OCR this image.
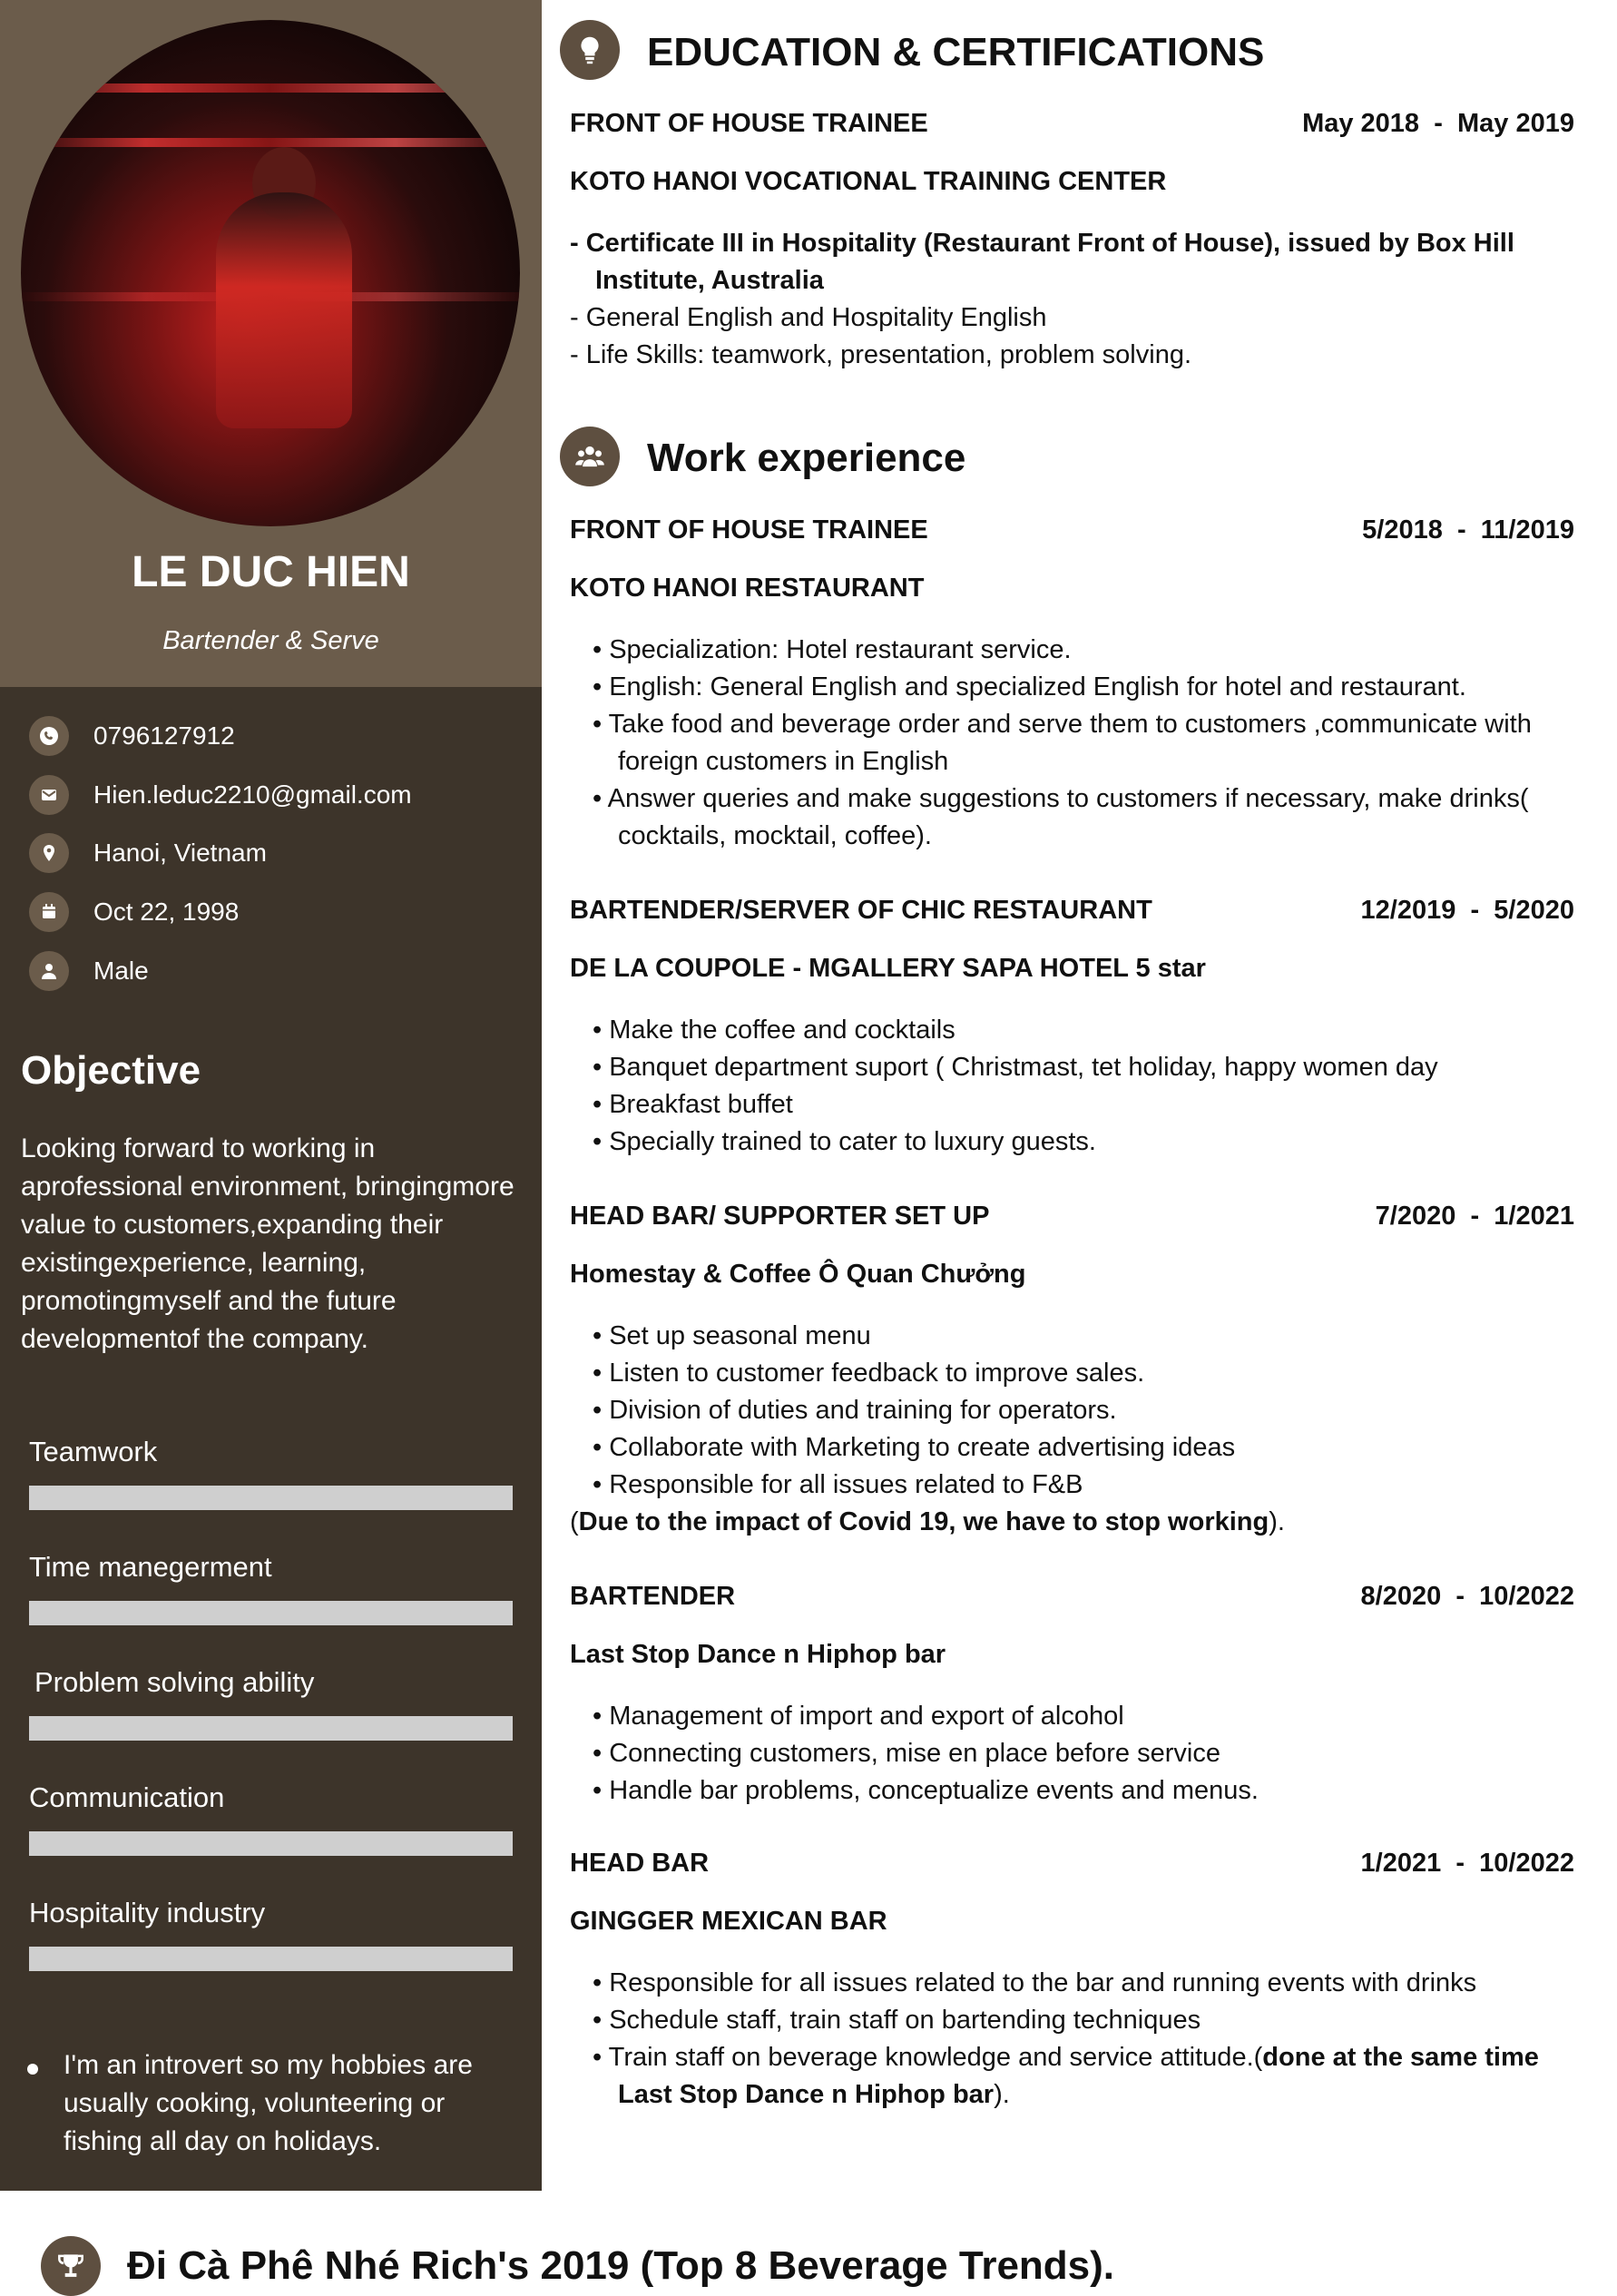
LE DUC HIEN
Bartender & Serve
0796127912
Hien.leduc2210@gmail.com
Hanoi, Vietnam
Oct 22, 1998
Male
Objective
Looking forward to working in aprofessional environment, bringingmore value to customers,expanding their existingexperience, learning, promotingmyself and the future developmentof the company.
Teamwork
Time manegerment
Problem solving ability
Communication
Hospitality industry
I'm an introvert so my hobbies are usually cooking, volunteering or fishing all day on holidays.
EDUCATION & CERTIFICATIONS
FRONT OF HOUSE TRAINEE	May 2018 - May 2019
KOTO HANOI VOCATIONAL TRAINING CENTER
- Certificate III in Hospitality (Restaurant Front of House), issued by Box Hill Institute, Australia
- General English and Hospitality English
- Life Skills: teamwork, presentation, problem solving.
Work experience
FRONT OF HOUSE TRAINEE	5/2018 - 11/2019
KOTO HANOI RESTAURANT
• Specialization: Hotel restaurant service.
• English: General English and specialized English for hotel and restaurant.
• Take food and beverage order and serve them to customers ,communicate with foreign customers in English
• Answer queries and make suggestions to customers if necessary, make drinks( cocktails, mocktail, coffee).
BARTENDER/SERVER OF CHIC RESTAURANT	12/2019 - 5/2020
DE LA COUPOLE - MGALLERY SAPA HOTEL 5 star
• Make the coffee and cocktails
• Banquet department suport ( Christmast, tet holiday, happy women day
• Breakfast buffet
• Specially trained to cater to luxury guests.
HEAD BAR/ SUPPORTER SET UP	7/2020 - 1/2021
Homestay & Coffee Ô Quan Chưởng
• Set up seasonal menu
• Listen to customer feedback to improve sales.
• Division of duties and training for operators.
• Collaborate with Marketing to create advertising ideas
• Responsible for all issues related to F&B
(Due to the impact of Covid 19, we have to stop working).
BARTENDER	8/2020 - 10/2022
Last Stop Dance n Hiphop bar
• Management of import and export of alcohol
• Connecting customers, mise en place before service
• Handle bar problems, conceptualize events and menus.
HEAD BAR	1/2021 - 10/2022
GINGGER MEXICAN BAR
• Responsible for all issues related to the bar and running events with drinks
• Schedule staff, train staff on bartending techniques
• Train staff on beverage knowledge and service attitude.(done at the same time Last Stop Dance n Hiphop bar).
Đi Cà Phê Nhé Rich's 2019 (Top 8 Beverage Trends).
